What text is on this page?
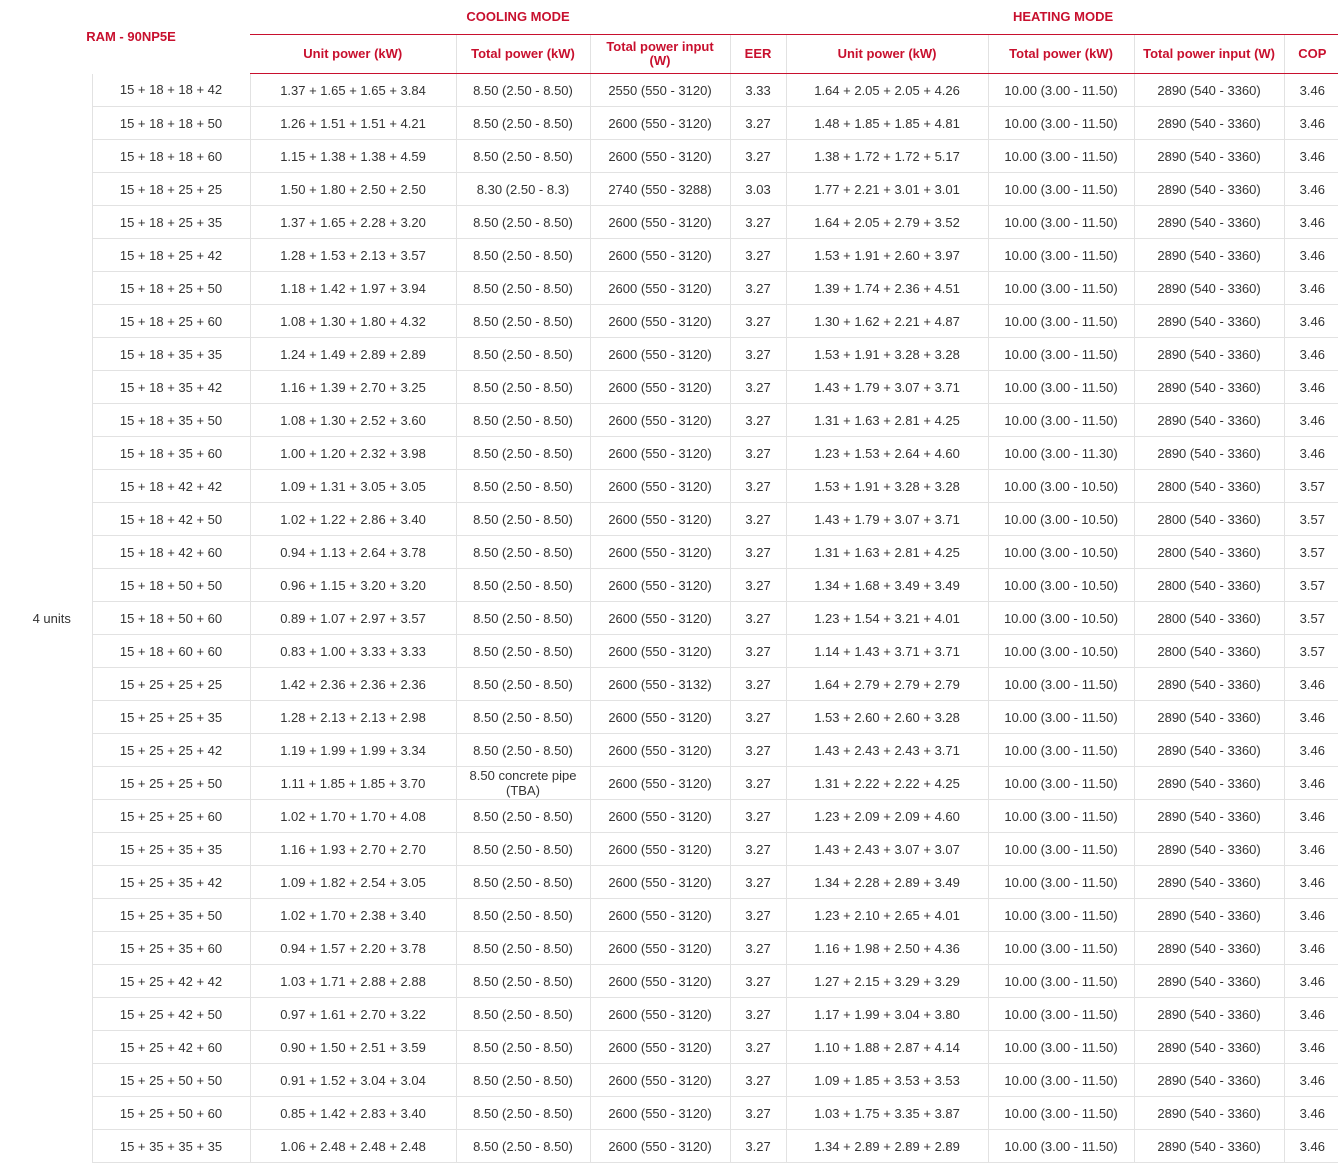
RAM - 90NP5E		COOLING MODE				HEATING MODE			
		Unit power (kW)	Total power (kW)	Total power input (W)	EER	Unit power (kW)	Total power (kW)	Total power input (W)	COP
4 units	15 + 18 + 18 + 42	1.37 + 1.65 + 1.65 + 3.84	8.50 (2.50 - 8.50)	2550 (550 - 3120)	3.33	1.64 + 2.05 + 2.05 + 4.26	10.00 (3.00 - 11.50)	2890 (540 - 3360)	3.46
	15 + 18 + 18 + 50	1.26 + 1.51 + 1.51 + 4.21	8.50 (2.50 - 8.50)	2600 (550 - 3120)	3.27	1.48 + 1.85 + 1.85 + 4.81	10.00 (3.00 - 11.50)	2890 (540 - 3360)	3.46
	15 + 18 + 18 + 60	1.15 + 1.38 + 1.38 + 4.59	8.50 (2.50 - 8.50)	2600 (550 - 3120)	3.27	1.38 + 1.72 + 1.72 + 5.17	10.00 (3.00 - 11.50)	2890 (540 - 3360)	3.46
	15 + 18 + 25 + 25	1.50 + 1.80 + 2.50 + 2.50	8.30 (2.50 - 8.3)	2740 (550 - 3288)	3.03	1.77 + 2.21 + 3.01 + 3.01	10.00 (3.00 - 11.50)	2890 (540 - 3360)	3.46
	15 + 18 + 25 + 35	1.37 + 1.65 + 2.28 + 3.20	8.50 (2.50 - 8.50)	2600 (550 - 3120)	3.27	1.64 + 2.05 + 2.79 + 3.52	10.00 (3.00 - 11.50)	2890 (540 - 3360)	3.46
	15 + 18 + 25 + 42	1.28 + 1.53 + 2.13 + 3.57	8.50 (2.50 - 8.50)	2600 (550 - 3120)	3.27	1.53 + 1.91 + 2.60 + 3.97	10.00 (3.00 - 11.50)	2890 (540 - 3360)	3.46
	15 + 18 + 25 + 50	1.18 + 1.42 + 1.97 + 3.94	8.50 (2.50 - 8.50)	2600 (550 - 3120)	3.27	1.39 + 1.74 + 2.36 + 4.51	10.00 (3.00 - 11.50)	2890 (540 - 3360)	3.46
	15 + 18 + 25 + 60	1.08 + 1.30 + 1.80 + 4.32	8.50 (2.50 - 8.50)	2600 (550 - 3120)	3.27	1.30 + 1.62 + 2.21 + 4.87	10.00 (3.00 - 11.50)	2890 (540 - 3360)	3.46
	15 + 18 + 35 + 35	1.24 + 1.49 + 2.89 + 2.89	8.50 (2.50 - 8.50)	2600 (550 - 3120)	3.27	1.53 + 1.91 + 3.28 + 3.28	10.00 (3.00 - 11.50)	2890 (540 - 3360)	3.46
	15 + 18 + 35 + 42	1.16 + 1.39 + 2.70 + 3.25	8.50 (2.50 - 8.50)	2600 (550 - 3120)	3.27	1.43 + 1.79 + 3.07 + 3.71	10.00 (3.00 - 11.50)	2890 (540 - 3360)	3.46
	15 + 18 + 35 + 50	1.08 + 1.30 + 2.52 + 3.60	8.50 (2.50 - 8.50)	2600 (550 - 3120)	3.27	1.31 + 1.63 + 2.81 + 4.25	10.00 (3.00 - 11.50)	2890 (540 - 3360)	3.46
	15 + 18 + 35 + 60	1.00 + 1.20 + 2.32 + 3.98	8.50 (2.50 - 8.50)	2600 (550 - 3120)	3.27	1.23 + 1.53 + 2.64 + 4.60	10.00 (3.00 - 11.30)	2890 (540 - 3360)	3.46
	15 + 18 + 42 + 42	1.09 + 1.31 + 3.05 + 3.05	8.50 (2.50 - 8.50)	2600 (550 - 3120)	3.27	1.53 + 1.91 + 3.28 + 3.28	10.00 (3.00 - 10.50)	2800 (540 - 3360)	3.57
	15 + 18 + 42 + 50	1.02 + 1.22 + 2.86 + 3.40	8.50 (2.50 - 8.50)	2600 (550 - 3120)	3.27	1.43 + 1.79 + 3.07 + 3.71	10.00 (3.00 - 10.50)	2800 (540 - 3360)	3.57
	15 + 18 + 42 + 60	0.94 + 1.13 + 2.64 + 3.78	8.50 (2.50 - 8.50)	2600 (550 - 3120)	3.27	1.31 + 1.63 + 2.81 + 4.25	10.00 (3.00 - 10.50)	2800 (540 - 3360)	3.57
	15 + 18 + 50 + 50	0.96 + 1.15 + 3.20 + 3.20	8.50 (2.50 - 8.50)	2600 (550 - 3120)	3.27	1.34 + 1.68 + 3.49 + 3.49	10.00 (3.00 - 10.50)	2800 (540 - 3360)	3.57
	15 + 18 + 50 + 60	0.89 + 1.07 + 2.97 + 3.57	8.50 (2.50 - 8.50)	2600 (550 - 3120)	3.27	1.23 + 1.54 + 3.21 + 4.01	10.00 (3.00 - 10.50)	2800 (540 - 3360)	3.57
	15 + 18 + 60 + 60	0.83 + 1.00 + 3.33 + 3.33	8.50 (2.50 - 8.50)	2600 (550 - 3120)	3.27	1.14 + 1.43 + 3.71 + 3.71	10.00 (3.00 - 10.50)	2800 (540 - 3360)	3.57
	15 + 25 + 25 + 25	1.42 + 2.36 + 2.36 + 2.36	8.50 (2.50 - 8.50)	2600 (550 - 3132)	3.27	1.64 + 2.79 + 2.79 + 2.79	10.00 (3.00 - 11.50)	2890 (540 - 3360)	3.46
	15 + 25 + 25 + 35	1.28 + 2.13 + 2.13 + 2.98	8.50 (2.50 - 8.50)	2600 (550 - 3120)	3.27	1.53 + 2.60 + 2.60 + 3.28	10.00 (3.00 - 11.50)	2890 (540 - 3360)	3.46
	15 + 25 + 25 + 42	1.19 + 1.99 + 1.99 + 3.34	8.50 (2.50 - 8.50)	2600 (550 - 3120)	3.27	1.43 + 2.43 + 2.43 + 3.71	10.00 (3.00 - 11.50)	2890 (540 - 3360)	3.46
	15 + 25 + 25 + 50	1.11 + 1.85 + 1.85 + 3.70	8.50 concrete pipe (TBA)	2600 (550 - 3120)	3.27	1.31 + 2.22 + 2.22 + 4.25	10.00 (3.00 - 11.50)	2890 (540 - 3360)	3.46
	15 + 25 + 25 + 60	1.02 + 1.70 + 1.70 + 4.08	8.50 (2.50 - 8.50)	2600 (550 - 3120)	3.27	1.23 + 2.09 + 2.09 + 4.60	10.00 (3.00 - 11.50)	2890 (540 - 3360)	3.46
	15 + 25 + 35 + 35	1.16 + 1.93 + 2.70 + 2.70	8.50 (2.50 - 8.50)	2600 (550 - 3120)	3.27	1.43 + 2.43 + 3.07 + 3.07	10.00 (3.00 - 11.50)	2890 (540 - 3360)	3.46
	15 + 25 + 35 + 42	1.09 + 1.82 + 2.54 + 3.05	8.50 (2.50 - 8.50)	2600 (550 - 3120)	3.27	1.34 + 2.28 + 2.89 + 3.49	10.00 (3.00 - 11.50)	2890 (540 - 3360)	3.46
	15 + 25 + 35 + 50	1.02 + 1.70 + 2.38 + 3.40	8.50 (2.50 - 8.50)	2600 (550 - 3120)	3.27	1.23 + 2.10 + 2.65 + 4.01	10.00 (3.00 - 11.50)	2890 (540 - 3360)	3.46
	15 + 25 + 35 + 60	0.94 + 1.57 + 2.20 + 3.78	8.50 (2.50 - 8.50)	2600 (550 - 3120)	3.27	1.16 + 1.98 + 2.50 + 4.36	10.00 (3.00 - 11.50)	2890 (540 - 3360)	3.46
	15 + 25 + 42 + 42	1.03 + 1.71 + 2.88 + 2.88	8.50 (2.50 - 8.50)	2600 (550 - 3120)	3.27	1.27 + 2.15 + 3.29 + 3.29	10.00 (3.00 - 11.50)	2890 (540 - 3360)	3.46
	15 + 25 + 42 + 50	0.97 + 1.61 + 2.70 + 3.22	8.50 (2.50 - 8.50)	2600 (550 - 3120)	3.27	1.17 + 1.99 + 3.04 + 3.80	10.00 (3.00 - 11.50)	2890 (540 - 3360)	3.46
	15 + 25 + 42 + 60	0.90 + 1.50 + 2.51 + 3.59	8.50 (2.50 - 8.50)	2600 (550 - 3120)	3.27	1.10 + 1.88 + 2.87 + 4.14	10.00 (3.00 - 11.50)	2890 (540 - 3360)	3.46
	15 + 25 + 50 + 50	0.91 + 1.52 + 3.04 + 3.04	8.50 (2.50 - 8.50)	2600 (550 - 3120)	3.27	1.09 + 1.85 + 3.53 + 3.53	10.00 (3.00 - 11.50)	2890 (540 - 3360)	3.46
	15 + 25 + 50 + 60	0.85 + 1.42 + 2.83 + 3.40	8.50 (2.50 - 8.50)	2600 (550 - 3120)	3.27	1.03 + 1.75 + 3.35 + 3.87	10.00 (3.00 - 11.50)	2890 (540 - 3360)	3.46
	15 + 35 + 35 + 35	1.06 + 2.48 + 2.48 + 2.48	8.50 (2.50 - 8.50)	2600 (550 - 3120)	3.27	1.34 + 2.89 + 2.89 + 2.89	10.00 (3.00 - 11.50)	2890 (540 - 3360)	3.46
